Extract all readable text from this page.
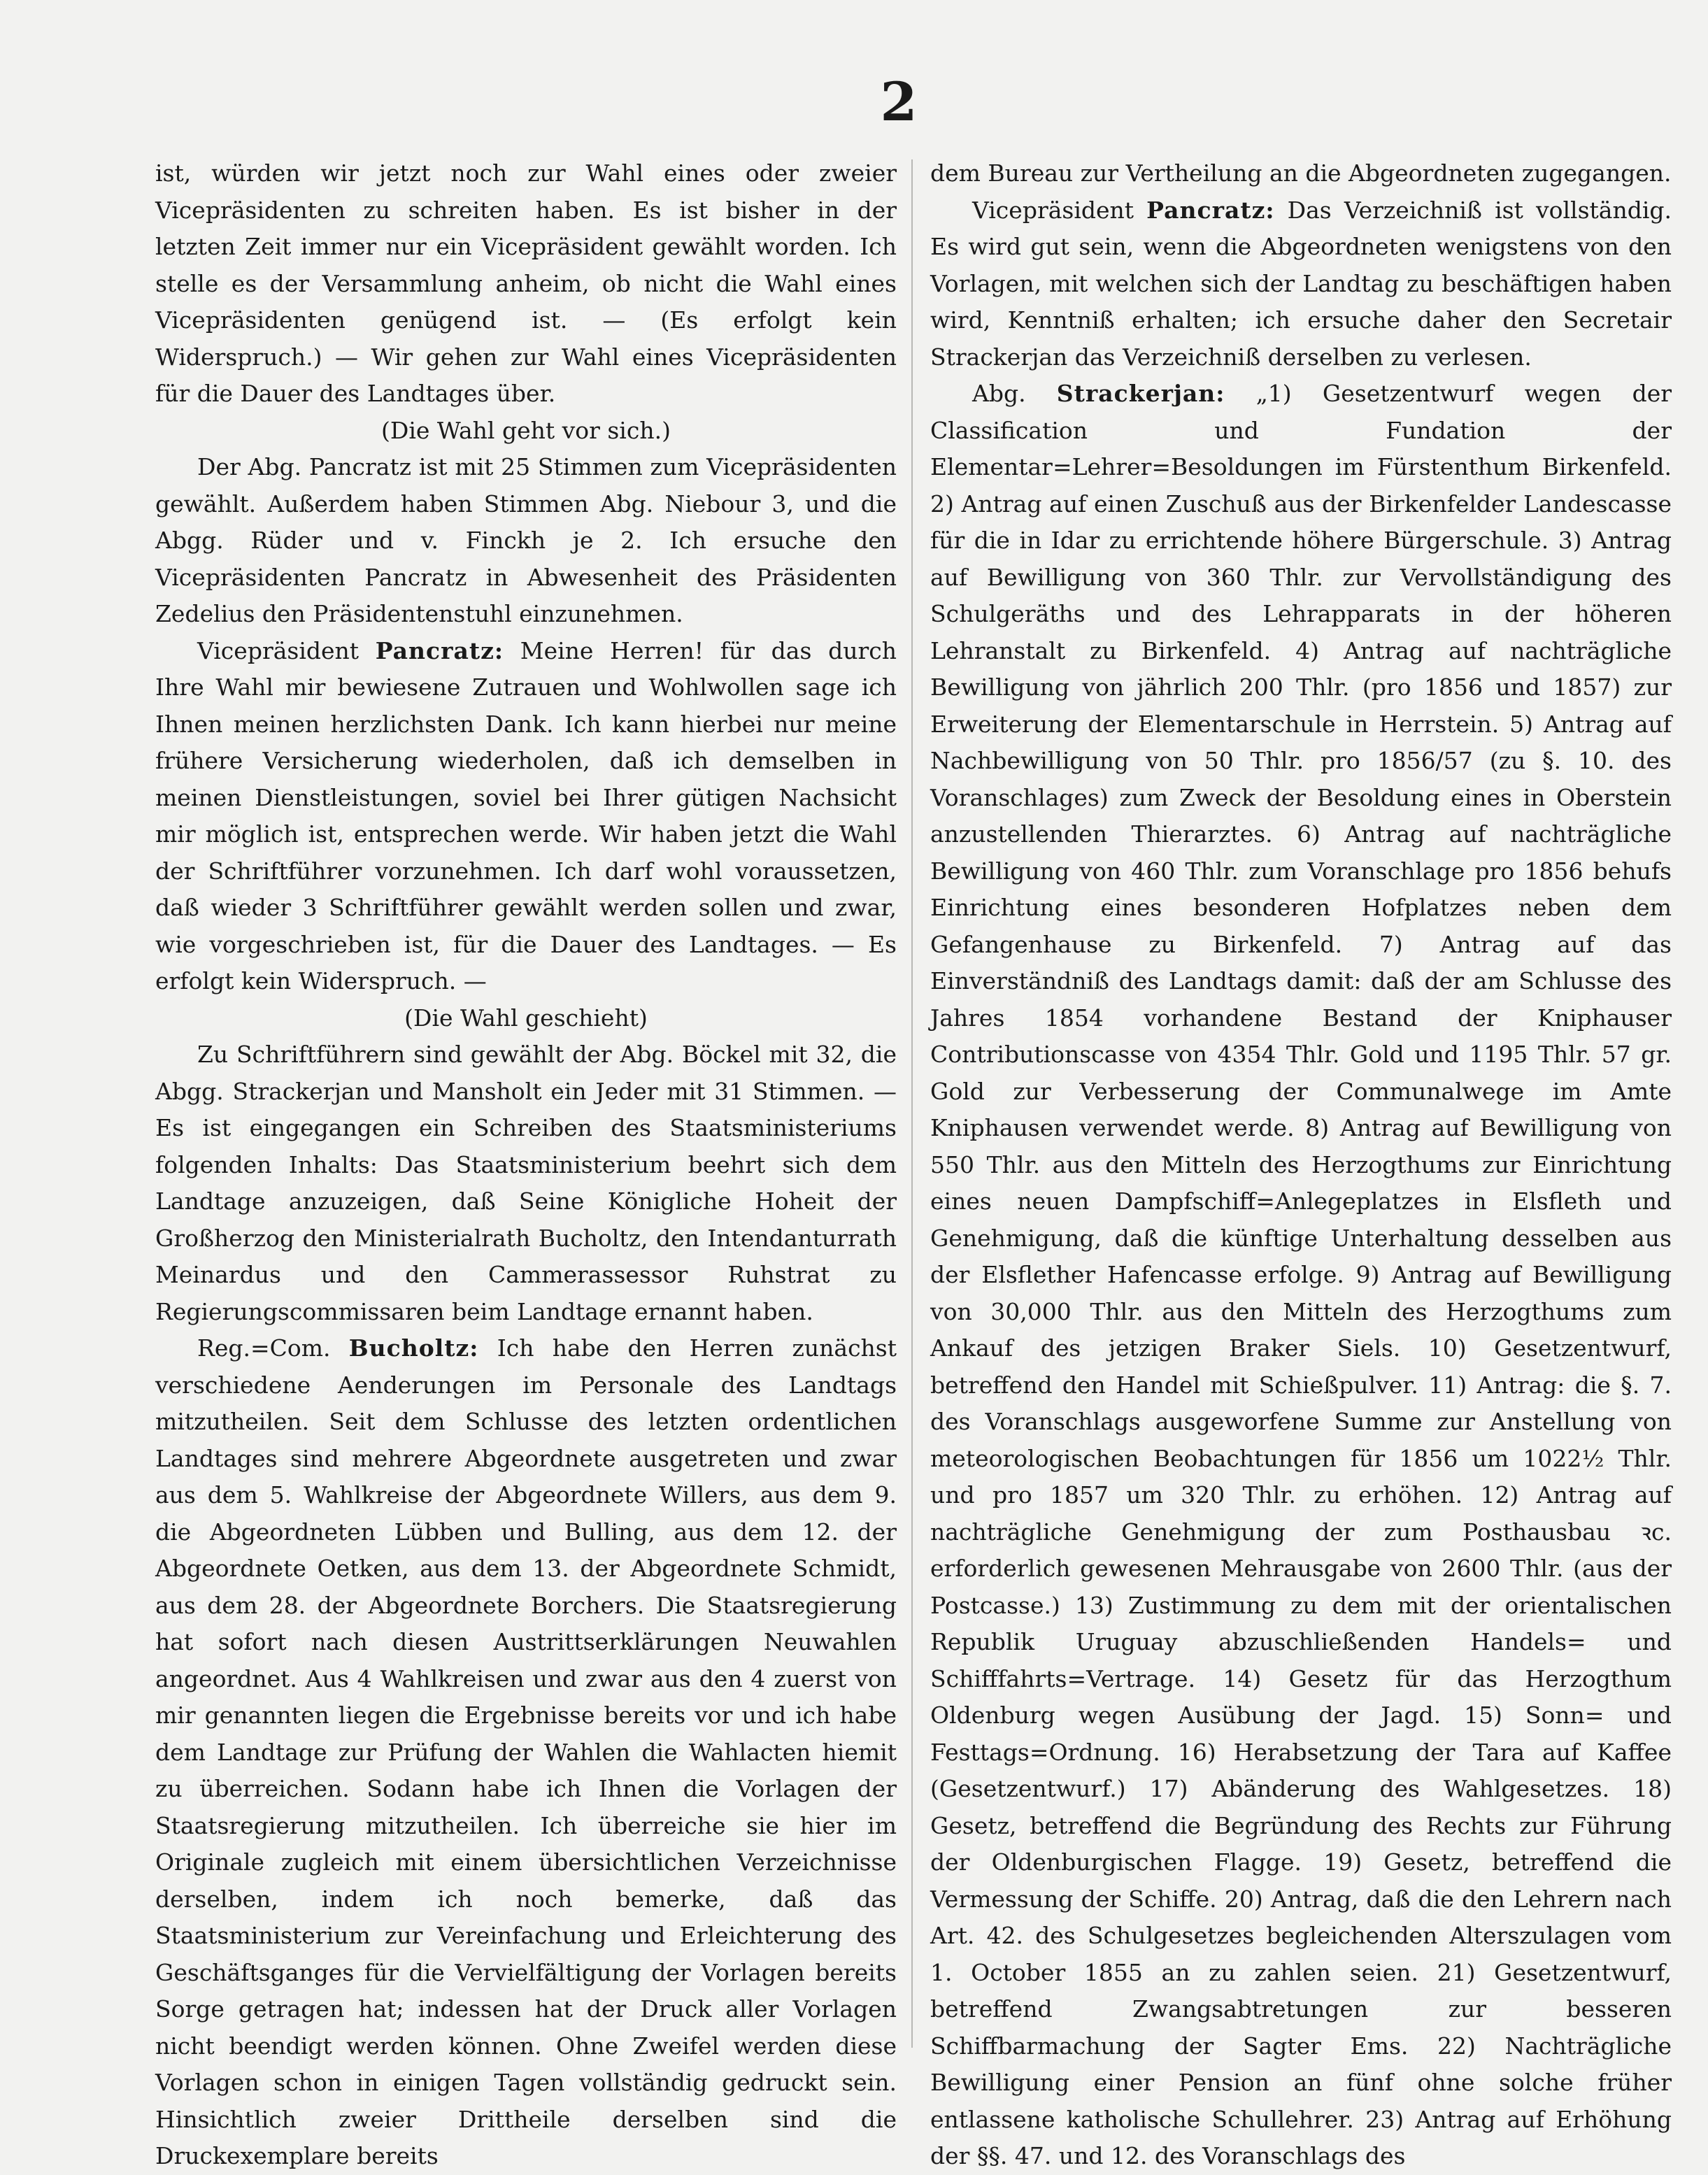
2

ist, würden wir jetzt noch zur Wahl eines oder zweier Vicepräsidenten zu schreiten haben. Es ist bisher in der letzten Zeit immer nur ein Vicepräsident gewählt worden. Ich stelle es der Versammlung anheim, ob nicht die Wahl eines Vicepräsidenten genügend ist. — (Es erfolgt kein Widerspruch.) — Wir gehen zur Wahl eines Vicepräsidenten für die Dauer des Landtages über.

(Die Wahl geht vor sich.)

Der Abg. Pancratz ist mit 25 Stimmen zum Vicepräsidenten gewählt. Außerdem haben Stimmen Abg. Niebour 3, und die Abgg. Rüder und v. Finckh je 2. Ich ersuche den Vicepräsidenten Pancratz in Abwesenheit des Präsidenten Zedelius den Präsidentenstuhl einzunehmen.

Vicepräsident Pancratz: Meine Herren! für das durch Ihre Wahl mir bewiesene Zutrauen und Wohlwollen sage ich Ihnen meinen herzlichsten Dank. Ich kann hierbei nur meine frühere Versicherung wiederholen, daß ich demselben in meinen Dienstleistungen, soviel bei Ihrer gütigen Nachsicht mir möglich ist, entsprechen werde. Wir haben jetzt die Wahl der Schriftführer vorzunehmen. Ich darf wohl voraussetzen, daß wieder 3 Schriftführer gewählt werden sollen und zwar, wie vorgeschrieben ist, für die Dauer des Landtages. — Es erfolgt kein Widerspruch. —

(Die Wahl geschieht)

Zu Schriftführern sind gewählt der Abg. Böckel mit 32, die Abgg. Strackerjan und Mansholt ein Jeder mit 31 Stimmen. — Es ist eingegangen ein Schreiben des Staatsministeriums folgenden Inhalts: Das Staatsministerium beehrt sich dem Landtage anzuzeigen, daß Seine Königliche Hoheit der Großherzog den Ministerialrath Bucholtz, den Intendanturrath Meinardus und den Cammerassessor Ruhstrat zu Regierungscommissaren beim Landtage ernannt haben.

Reg.=Com. Bucholtz: Ich habe den Herren zunächst verschiedene Aenderungen im Personale des Landtags mitzutheilen. Seit dem Schlusse des letzten ordentlichen Landtages sind mehrere Abgeordnete ausgetreten und zwar aus dem 5. Wahlkreise der Abgeordnete Willers, aus dem 9. die Abgeordneten Lübben und Bulling, aus dem 12. der Abgeordnete Oetken, aus dem 13. der Abgeordnete Schmidt, aus dem 28. der Abgeordnete Borchers. Die Staatsregierung hat sofort nach diesen Austrittserklärungen Neuwahlen angeordnet. Aus 4 Wahlkreisen und zwar aus den 4 zuerst von mir genannten liegen die Ergebnisse bereits vor und ich habe dem Landtage zur Prüfung der Wahlen die Wahlacten hiemit zu überreichen. Sodann habe ich Ihnen die Vorlagen der Staatsregierung mitzutheilen. Ich überreiche sie hier im Originale zugleich mit einem übersichtlichen Verzeichnisse derselben, indem ich noch bemerke, daß das Staatsministerium zur Vereinfachung und Erleichterung des Geschäftsganges für die Vervielfältigung der Vorlagen bereits Sorge getragen hat; indessen hat der Druck aller Vorlagen nicht beendigt werden können. Ohne Zweifel werden diese Vorlagen schon in einigen Tagen vollständig gedruckt sein. Hinsichtlich zweier Drittheile derselben sind die Druckexemplare bereits

dem Bureau zur Vertheilung an die Abgeordneten zugegangen.

Vicepräsident Pancratz: Das Verzeichniß ist vollständig. Es wird gut sein, wenn die Abgeordneten wenigstens von den Vorlagen, mit welchen sich der Landtag zu beschäftigen haben wird, Kenntniß erhalten; ich ersuche daher den Secretair Strackerjan das Verzeichniß derselben zu verlesen.

Abg. Strackerjan: „1) Gesetzentwurf wegen der Classification und Fundation der Elementar=Lehrer=Besoldungen im Fürstenthum Birkenfeld. 2) Antrag auf einen Zuschuß aus der Birkenfelder Landescasse für die in Idar zu errichtende höhere Bürgerschule. 3) Antrag auf Bewilligung von 360 Thlr. zur Vervollständigung des Schulgeräths und des Lehrapparats in der höheren Lehranstalt zu Birkenfeld. 4) Antrag auf nachträgliche Bewilligung von jährlich 200 Thlr. (pro 1856 und 1857) zur Erweiterung der Elementarschule in Herrstein. 5) Antrag auf Nachbewilligung von 50 Thlr. pro 1856/57 (zu §. 10. des Voranschlages) zum Zweck der Besoldung eines in Oberstein anzustellenden Thierarztes. 6) Antrag auf nachträgliche Bewilligung von 460 Thlr. zum Voranschlage pro 1856 behufs Einrichtung eines besonderen Hofplatzes neben dem Gefangenhause zu Birkenfeld. 7) Antrag auf das Einverständniß des Landtags damit: daß der am Schlusse des Jahres 1854 vorhandene Bestand der Kniphauser Contributionscasse von 4354 Thlr. Gold und 1195 Thlr. 57 gr. Gold zur Verbesserung der Communalwege im Amte Kniphausen verwendet werde. 8) Antrag auf Bewilligung von 550 Thlr. aus den Mitteln des Herzogthums zur Einrichtung eines neuen Dampfschiff=Anlegeplatzes in Elsfleth und Genehmigung, daß die künftige Unterhaltung desselben aus der Elsflether Hafencasse erfolge. 9) Antrag auf Bewilligung von 30,000 Thlr. aus den Mitteln des Herzogthums zum Ankauf des jetzigen Braker Siels. 10) Gesetzentwurf, betreffend den Handel mit Schießpulver. 11) Antrag: die §. 7. des Voranschlags ausgeworfene Summe zur Anstellung von meteorologischen Beobachtungen für 1856 um 1022½ Thlr. und pro 1857 um 320 Thlr. zu erhöhen. 12) Antrag auf nachträgliche Genehmigung der zum Posthausbau ꝛc. erforderlich gewesenen Mehrausgabe von 2600 Thlr. (aus der Postcasse.) 13) Zustimmung zu dem mit der orientalischen Republik Uruguay abzuschließenden Handels= und Schifffahrts=Vertrage. 14) Gesetz für das Herzogthum Oldenburg wegen Ausübung der Jagd. 15) Sonn= und Festtags=Ordnung. 16) Herabsetzung der Tara auf Kaffee (Gesetzentwurf.) 17) Abänderung des Wahlgesetzes. 18) Gesetz, betreffend die Begründung des Rechts zur Führung der Oldenburgischen Flagge. 19) Gesetz, betreffend die Vermessung der Schiffe. 20) Antrag, daß die den Lehrern nach Art. 42. des Schulgesetzes begleichenden Alterszulagen vom 1. October 1855 an zu zahlen seien. 21) Gesetzentwurf, betreffend Zwangsabtretungen zur besseren Schiffbarmachung der Sagter Ems. 22) Nachträgliche Bewilligung einer Pension an fünf ohne solche früher entlassene katholische Schullehrer. 23) Antrag auf Erhöhung der §§. 47. und 12. des Voranschlags des
